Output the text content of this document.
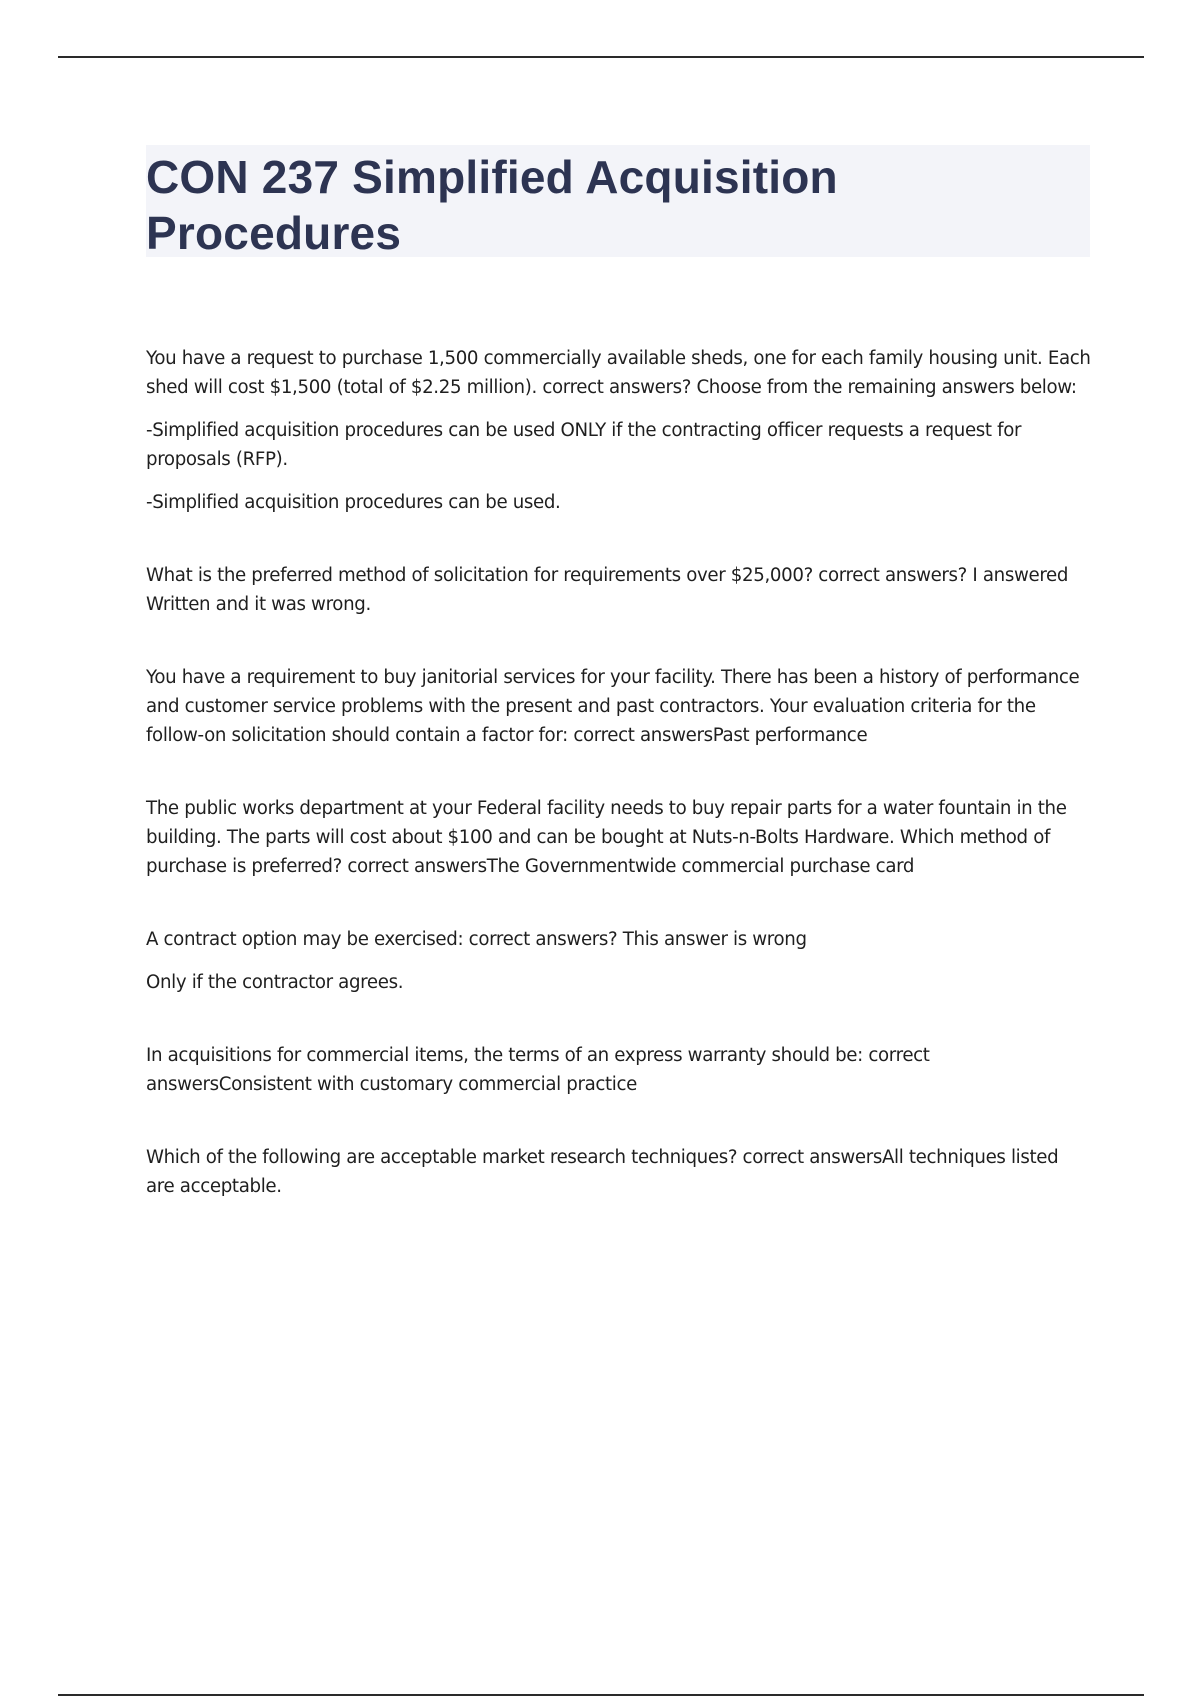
CON 237 Simplified Acquisition Procedures

You have a request to purchase 1,500 commercially available sheds, one for each family housing unit. Each shed will cost $1,500 (total of $2.25 million). correct answers? Choose from the remaining answers below:

-Simplified acquisition procedures can be used ONLY if the contracting officer requests a request for proposals (RFP).

-Simplified acquisition procedures can be used.

What is the preferred method of solicitation for requirements over $25,000? correct answers? I answered Written and it was wrong.

You have a requirement to buy janitorial services for your facility. There has been a history of performance and customer service problems with the present and past contractors. Your evaluation criteria for the follow-on solicitation should contain a factor for: correct answersPast performance

The public works department at your Federal facility needs to buy repair parts for a water fountain in the building. The parts will cost about $100 and can be bought at Nuts-n-Bolts Hardware. Which method of purchase is preferred? correct answersThe Governmentwide commercial purchase card

A contract option may be exercised: correct answers? This answer is wrong

Only if the contractor agrees.

In acquisitions for commercial items, the terms of an express warranty should be: correct answersConsistent with customary commercial practice

Which of the following are acceptable market research techniques? correct answersAll techniques listed are acceptable.
